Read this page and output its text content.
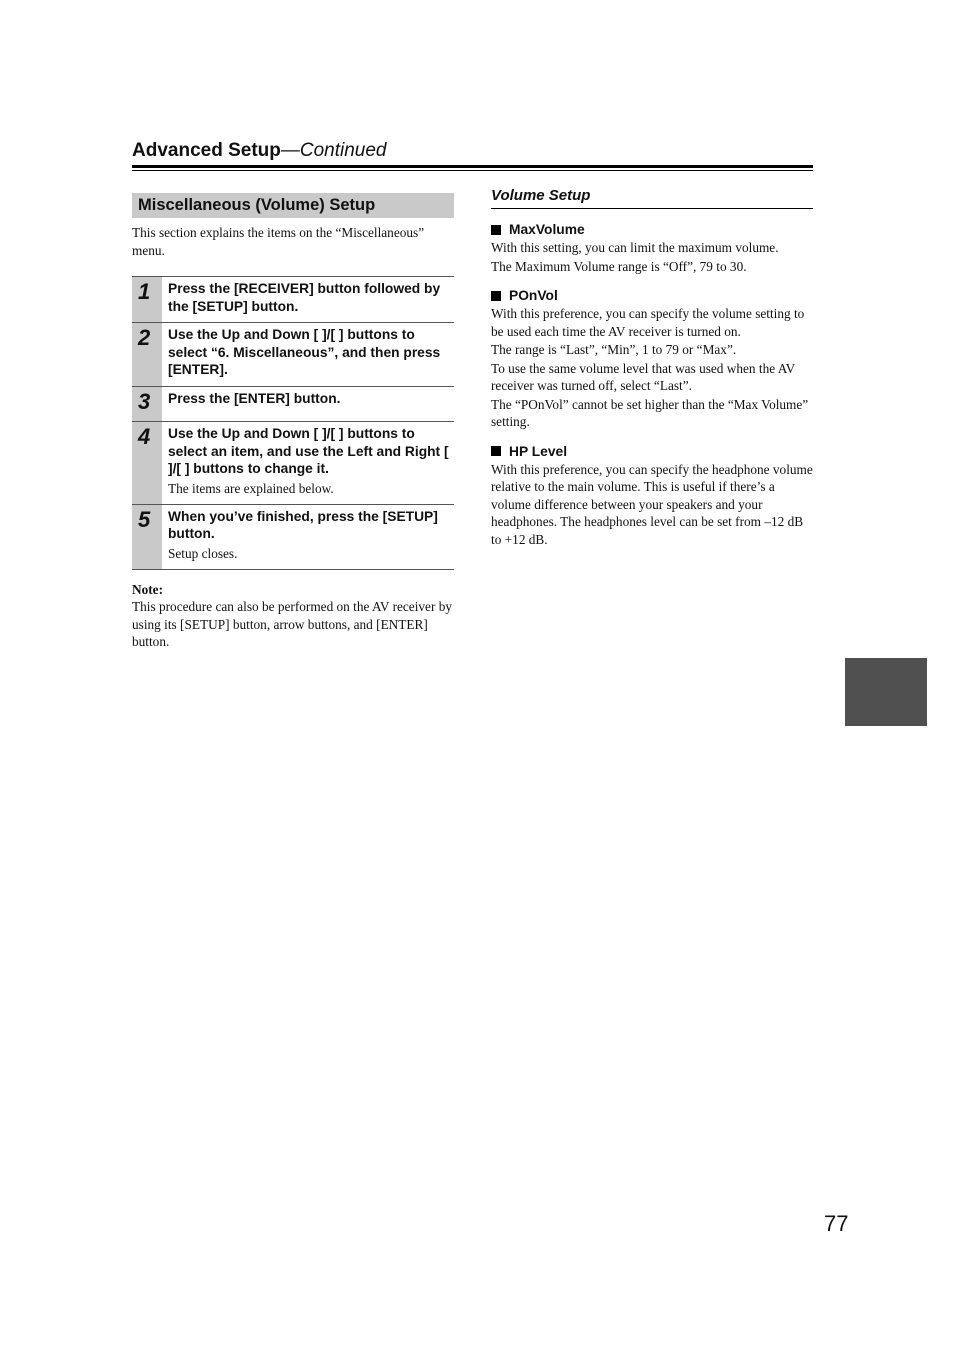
Advanced Setup—Continued
Miscellaneous (Volume) Setup
This section explains the items on the “Miscellaneous” menu.
1	Press the [RECEIVER] button followed by the [SETUP] button.
2	Use the Up and Down [ ]/[ ] buttons to select “6. Miscellaneous”, and then press [ENTER].
3	Press the [ENTER] button.
4	Use the Up and Down [ ]/[ ] buttons to select an item, and use the Left and Right [ ]/[ ] buttons to change it.
The items are explained below.
5	When you’ve finished, press the [SETUP] button.
Setup closes.
Note:
This procedure can also be performed on the AV receiver by using its [SETUP] button, arrow buttons, and [ENTER] button.
Volume Setup
MaxVolume
With this setting, you can limit the maximum volume.
The Maximum Volume range is “Off”, 79 to 30.
POnVol
With this preference, you can specify the volume setting to be used each time the AV receiver is turned on.
The range is “Last”, “Min”, 1 to 79 or “Max”.
To use the same volume level that was used when the AV receiver was turned off, select “Last”.
The “POnVol” cannot be set higher than the “Max Volume” setting.
HP Level
With this preference, you can specify the headphone volume relative to the main volume. This is useful if there’s a volume difference between your speakers and your headphones. The headphones level can be set from –12 dB to +12 dB.
77
